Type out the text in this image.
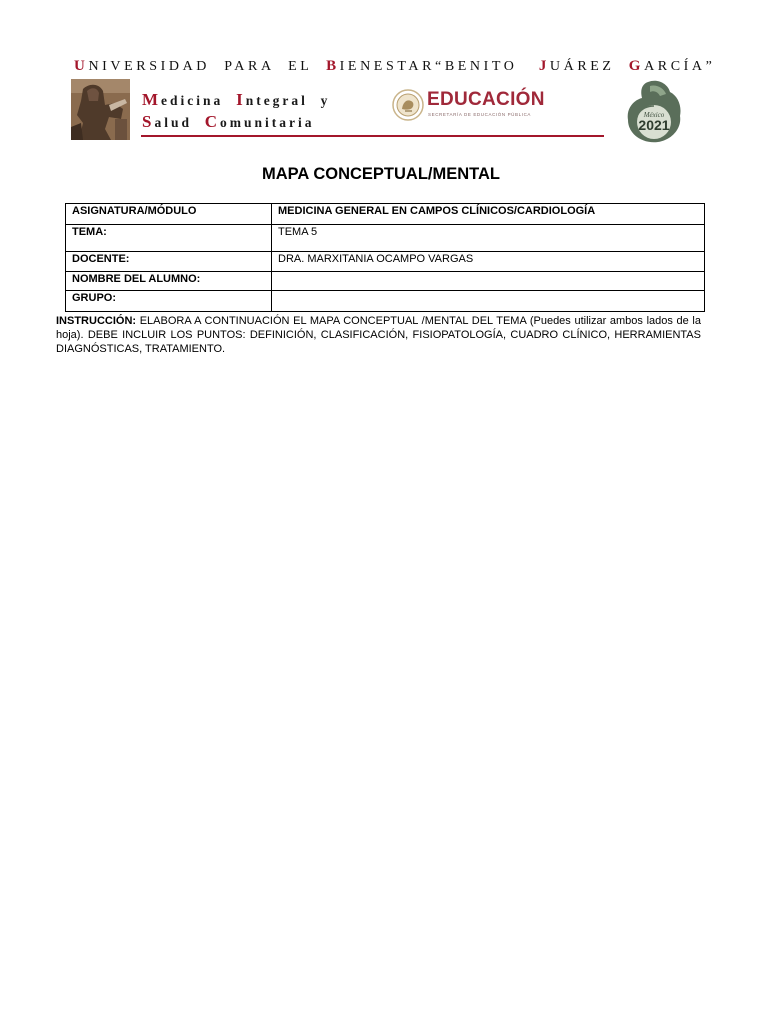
UNIVERSIDAD  PARA  EL  BIENESTAR“BENITO   JUÁREZ  GARCÍA”
Medicina  Integral  y
Salud  Comunitaria
EDUCACIÓN
SECRETARÍA DE EDUCACIÓN PÚBLICA	México
2021
MAPA CONCEPTUAL/MENTAL
ASIGNATURA/MÓDULO	MEDICINA GENERAL EN CAMPOS CLÍNICOS/CARDIOLOGÍA
TEMA:	TEMA 5
DOCENTE:	DRA. MARXITANIA OCAMPO VARGAS
NOMBRE DEL ALUMNO:	
GRUPO:	
INSTRUCCIÓN: ELABORA A CONTINUACIÓN EL MAPA CONCEPTUAL /MENTAL DEL TEMA (Puedes utilizar ambos lados de la hoja). DEBE INCLUIR LOS PUNTOS: DEFINICIÓN, CLASIFICACIÓN, FISIOPATOLOGÍA, CUADRO CLÍNICO, HERRAMIENTAS DIAGNÓSTICAS, TRATAMIENTO.
